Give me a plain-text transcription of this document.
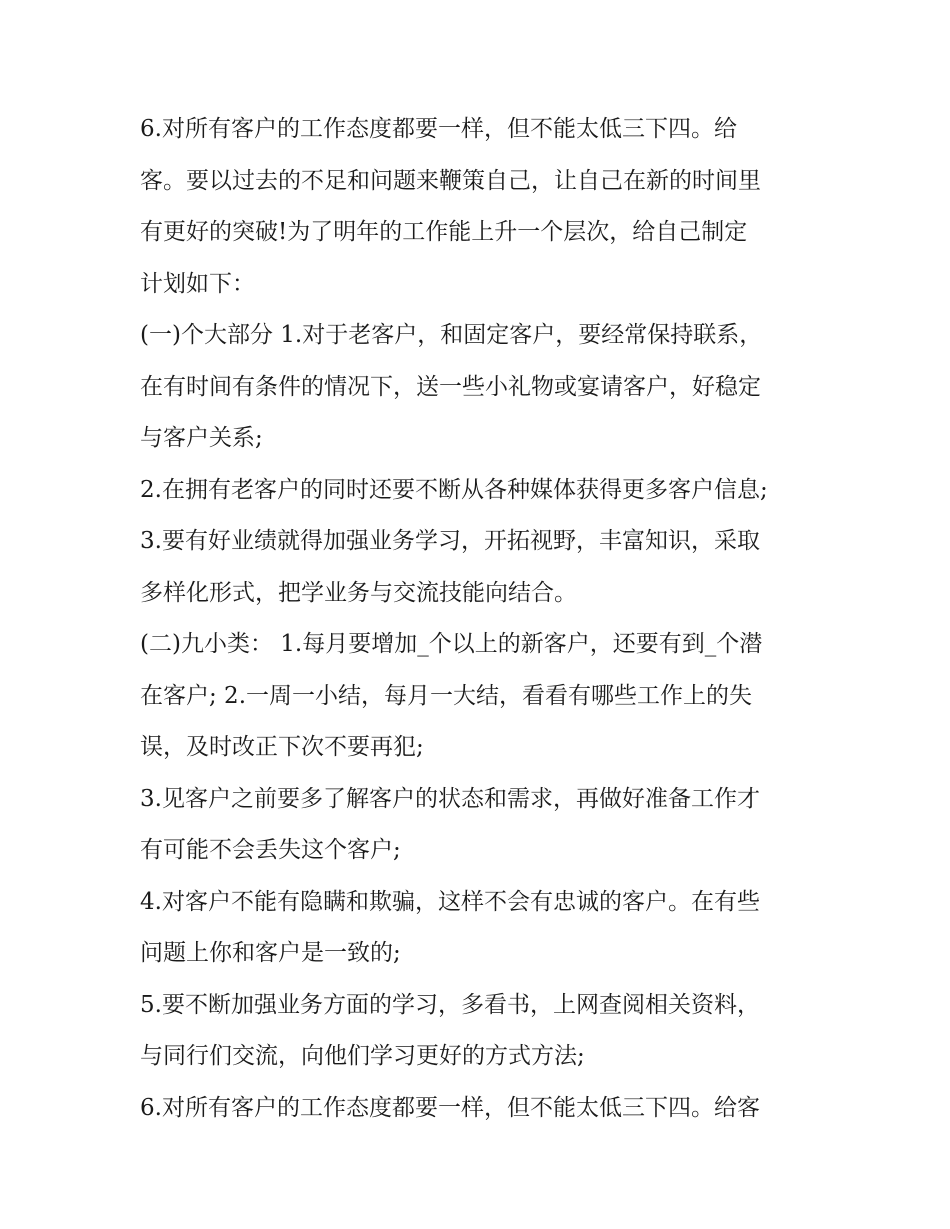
6.对所有客户的工作态度都要一样，但不能太低三下四。给
客。要以过去的不足和问题来鞭策自己，让自己在新的时间里
有更好的突破!为了明年的工作能上升一个层次，给自己制定
计划如下：
(一)个大部分 1.对于老客户，和固定客户，要经常保持联系，
在有时间有条件的情况下，送一些小礼物或宴请客户，好稳定
与客户关系;
2.在拥有老客户的同时还要不断从各种媒体获得更多客户信息;
3.要有好业绩就得加强业务学习，开拓视野，丰富知识，采取
多样化形式，把学业务与交流技能向结合。
(二)九小类： 1.每月要增加_个以上的新客户，还要有到_个潜
在客户; 2.一周一小结，每月一大结，看看有哪些工作上的失
误，及时改正下次不要再犯;
3.见客户之前要多了解客户的状态和需求，再做好准备工作才
有可能不会丢失这个客户;
4.对客户不能有隐瞒和欺骗，这样不会有忠诚的客户。在有些
问题上你和客户是一致的;
5.要不断加强业务方面的学习，多看书，上网查阅相关资料，
与同行们交流，向他们学习更好的方式方法;
6.对所有客户的工作态度都要一样，但不能太低三下四。给客
